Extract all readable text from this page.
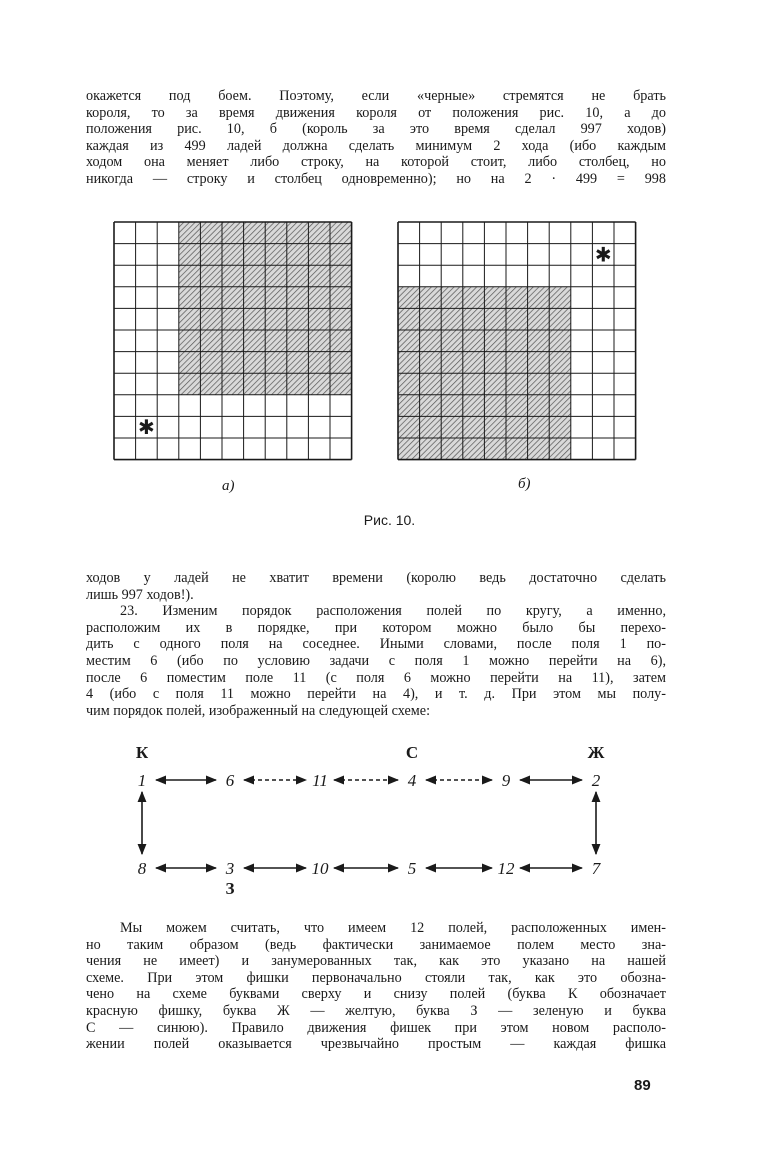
окажется под боем. Поэтому, если «черные» стремятся не брать
короля, то за время движения короля от положения рис. 10, а до
положения рис. 10, б (король за это время сделал 997 ходов)
каждая из 499 ладей должна сделать минимум 2 хода (ибо каждым
ходом она меняет либо строку, на которой стоит, либо столбец, но
никогда — строку и столбец одновременно); но на 2 · 499 = 998
✱
✱
а)	б)
Рис. 10.
ходов у ладей не хватит времени (королю ведь достаточно сделать
лишь 997 ходов!).
23. Изменим порядок расположения полей по кругу, а именно,
расположим их в порядке, при котором можно было бы перехо-
дить с одного поля на соседнее. Иными словами, после поля 1 по-
местим 6 (ибо по условию задачи с поля 1 можно перейти на 6),
после 6 поместим поле 11 (с поля 6 можно перейти на 11), затем
4 (ибо с поля 11 можно перейти на 4), и т. д. При этом мы полу-
чим порядок полей, изображенный на следующей схеме:
К	С	Ж
З
1	6	11	4	9	2
8	3	10	5	12	7
Мы можем считать, что имеем 12 полей, расположенных имен-
но таким образом (ведь фактически занимаемое полем место зна-
чения не имеет) и занумерованных так, как это указано на нашей
схеме. При этом фишки первоначально стояли так, как это обозна-
чено на схеме буквами сверху и снизу полей (буква К обозначает
красную фишку, буква Ж — желтую, буква З — зеленую и буква
С — синюю). Правило движения фишек при этом новом располо-
жении полей оказывается чрезвычайно простым — каждая фишка
89
